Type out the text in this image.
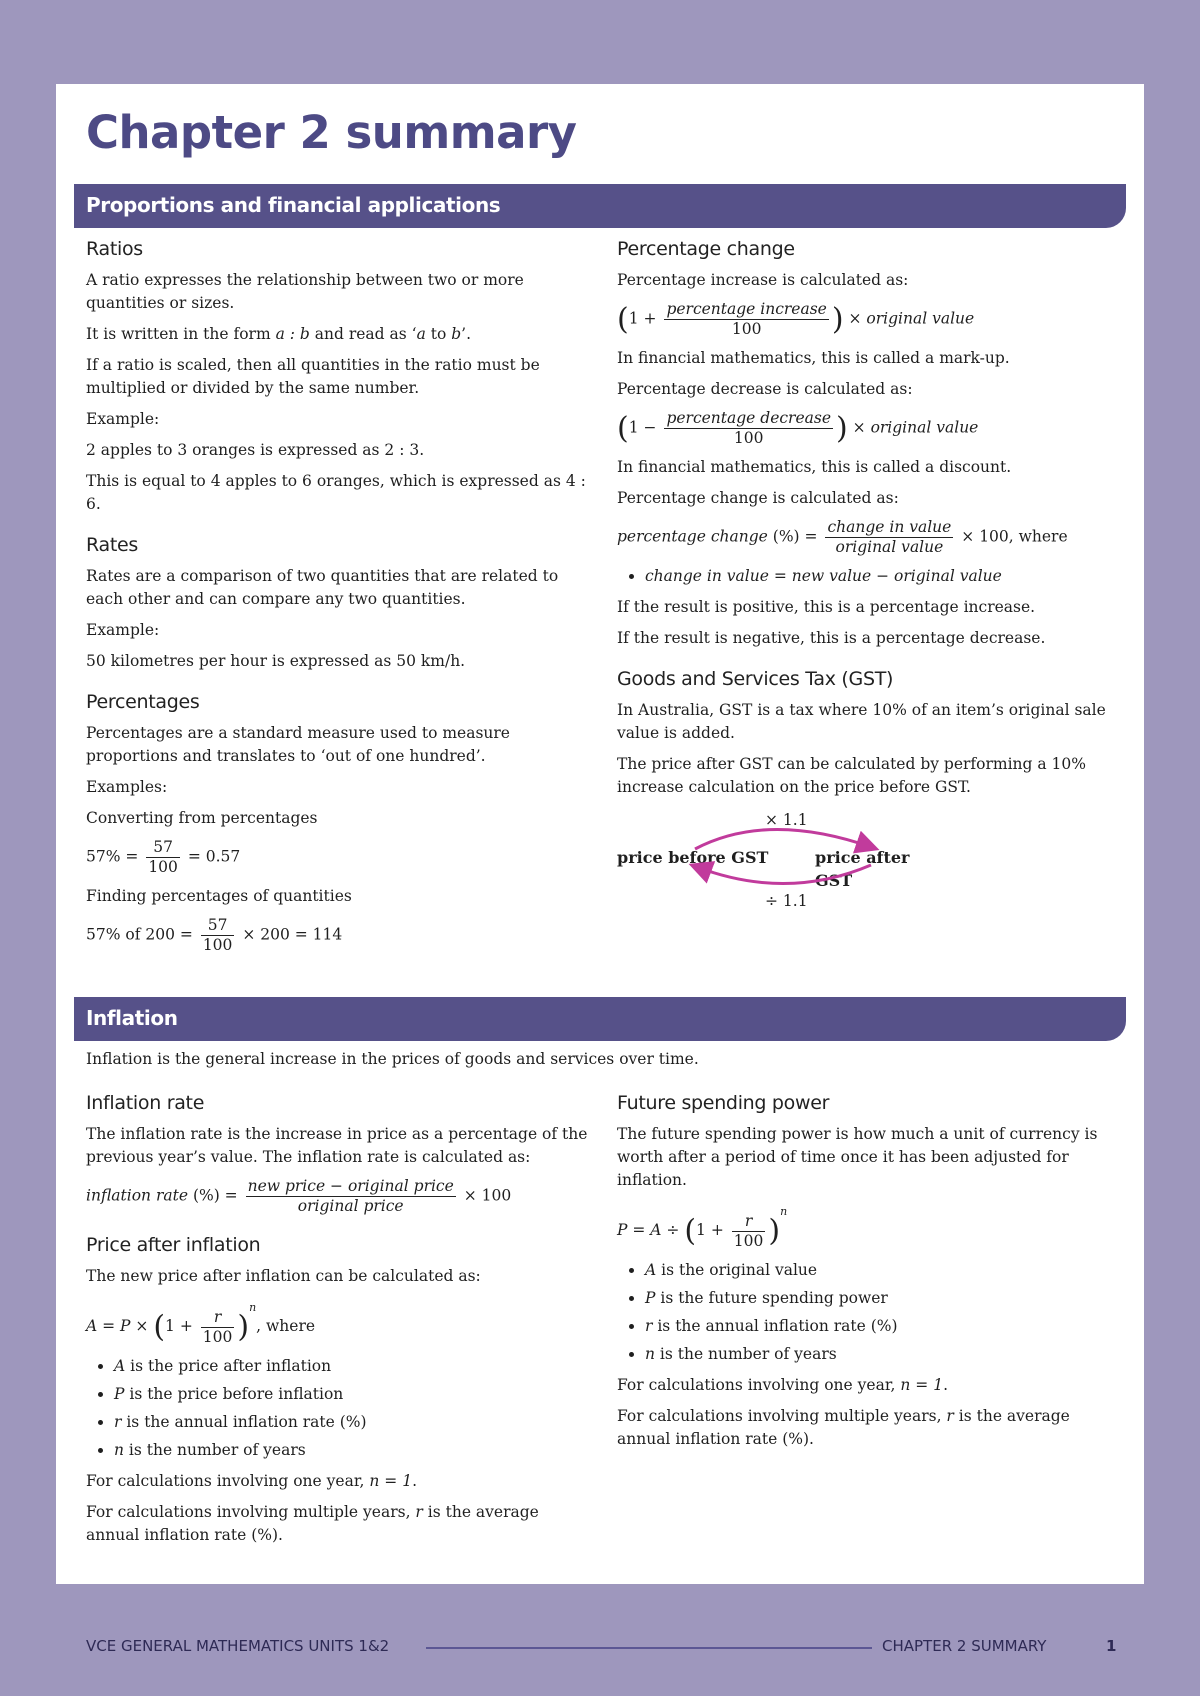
Chapter 2 summary
Proportions and financial applications
Ratios

A ratio expresses the relationship between two or more quantities or sizes.

It is written in the form a : b and read as ‘a to b’.

If a ratio is scaled, then all quantities in the ratio must be multiplied or divided by the same number.

Example:

2 apples to 3 oranges is expressed as 2 : 3.

This is equal to 4 apples to 6 oranges, which is expressed as 4 : 6.

Rates

Rates are a comparison of two quantities that are related to each other and can compare any two quantities.

Example:

50 kilometres per hour is expressed as 50 km/h.

Percentages

Percentages are a standard measure used to measure proportions and translates to ‘out of one hundred’.

Examples:

Converting from percentages

$57\% = \frac{57}{100} = 0.57$

Finding percentages of quantities

57% of $200 = \frac{57}{100} \times 200 = 114$
Percentage change

Percentage increase is calculated as:

($1 + \frac{\text{percentage increase}}{100}$ ) × original value

In financial mathematics, this is called a mark-up.

Percentage decrease is calculated as:

($1 - \frac{\text{percentage decrease}}{100}$ ) × original value

In financial mathematics, this is called a discount.

Percentage change is calculated as:

percentage change (%) = $\frac{\text{change in value}}{\text{original value}} \times 100$, where
• change in value = new value − original value

If the result is positive, this is a percentage increase.

If the result is negative, this is a percentage decrease.

Goods and Services Tax (GST)

In Australia, GST is a tax where 10% of an item’s original sale value is added.

The price after GST can be calculated by performing a 10% increase calculation on the price before GST.

× 1.1
price before GST	price after GST
÷ 1.1
Inflation

Inflation is the general increase in the prices of goods and services over time.

Inflation rate

The inflation rate is the increase in price as a percentage of the previous year’s value. The inflation rate is calculated as:

inflation rate (%) = $\frac{\text{new price − original price}}{\text{original price}} \times 100$
Price after inflation

The new price after inflation can be calculated as:

$A = P \times (1 + \frac{r}{100} )^n$, where
• A is the price after inflation
• P is the price before inflation
• r is the annual inflation rate (%)
• n is the number of years

For calculations involving one year, n = 1.

For calculations involving multiple years, r is the average annual inflation rate (%).

Future spending power

The future spending power is how much a unit of currency is worth after a period of time once it has been adjusted for inflation.

$P = A \div (1 + \frac{r}{100} )^n$
• A is the original value
• P is the future spending power
• r is the annual inflation rate (%)
• n is the number of years

For calculations involving one year, n = 1.

For calculations involving multiple years, r is the average annual inflation rate (%).

VCE GENERAL MATHEMATICS UNITS 1&2	CHAPTER 2 SUMMARY	1
